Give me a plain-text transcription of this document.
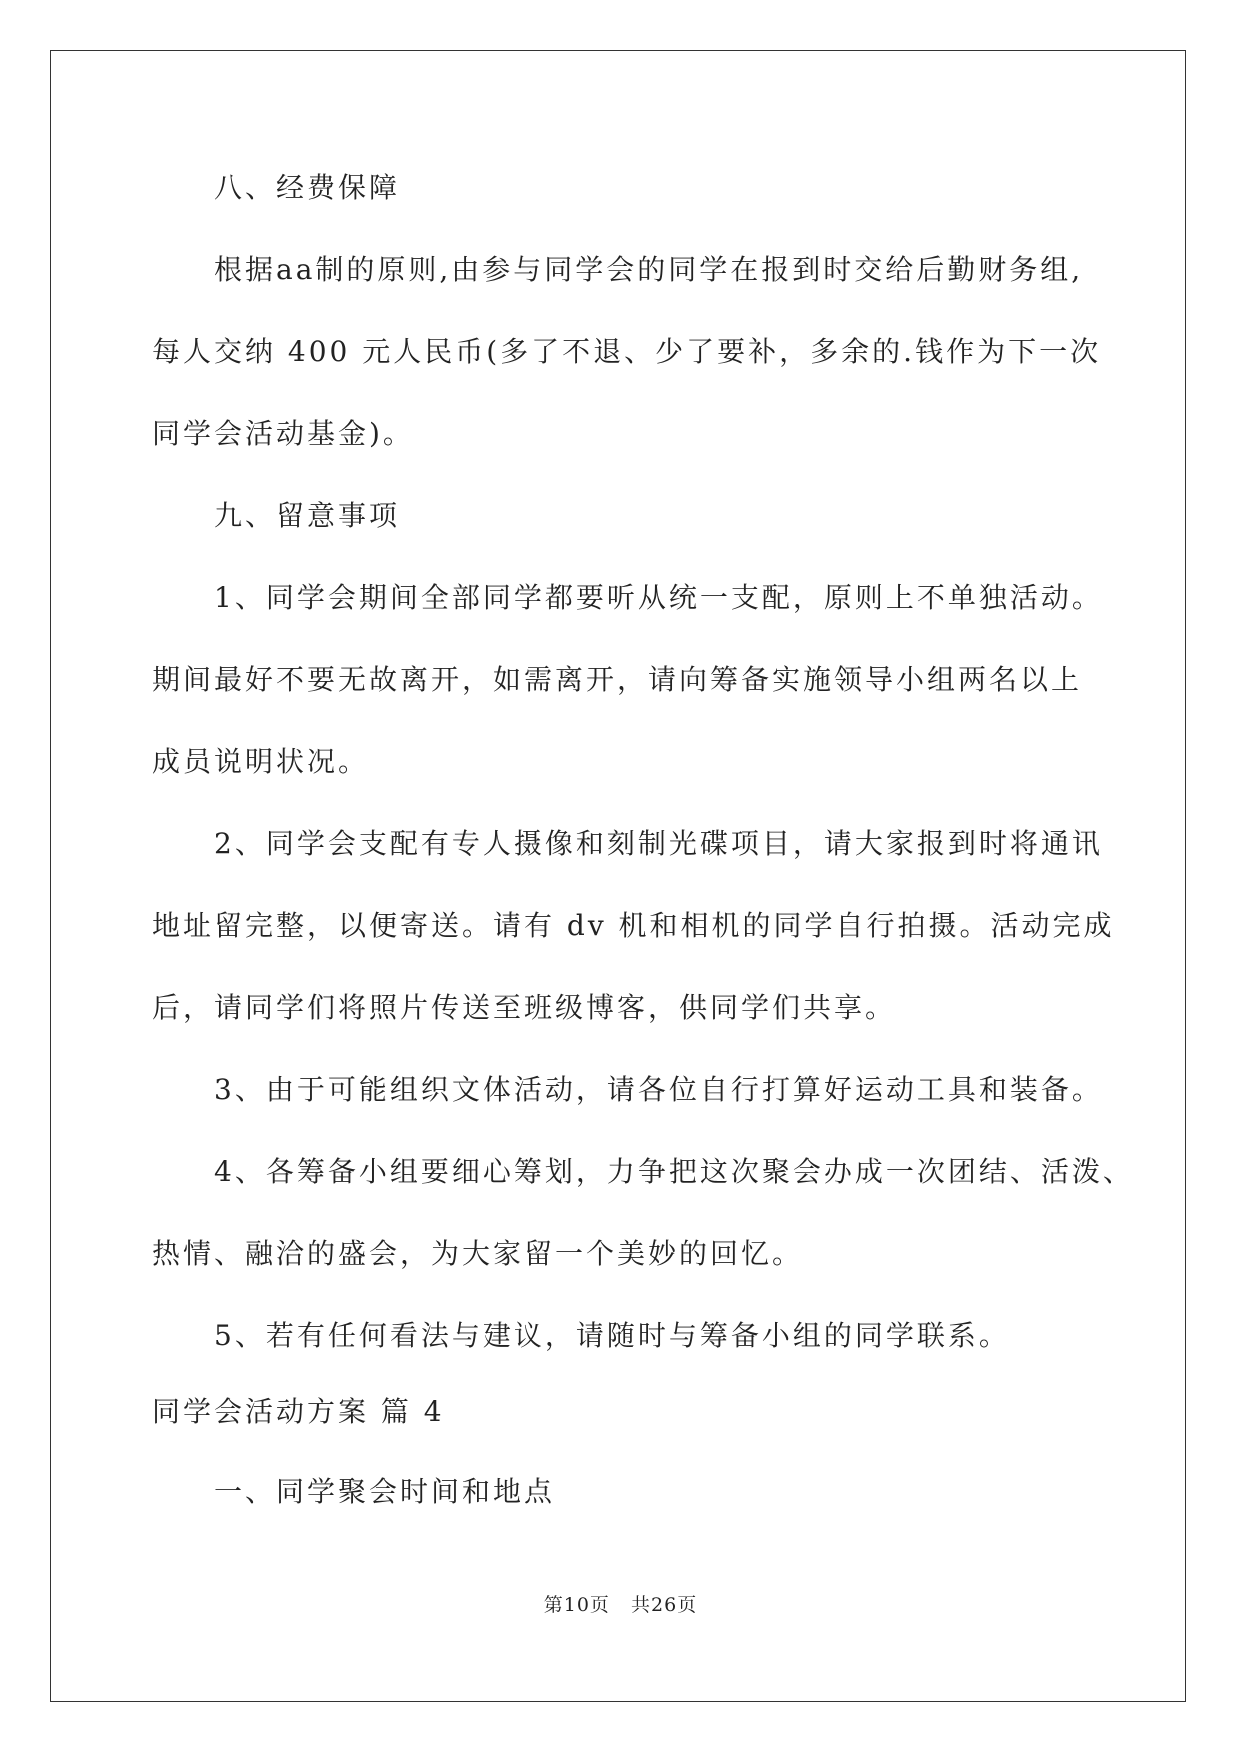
八、经费保障
根据aa制的原则,由参与同学会的同学在报到时交给后勤财务组,
每人交纳 400 元人民币(多了不退、少了要补，多余的.钱作为下一次
同学会活动基金)。
九、留意事项
1、同学会期间全部同学都要听从统一支配，原则上不单独活动。
期间最好不要无故离开，如需离开，请向筹备实施领导小组两名以上
成员说明状况。
2、同学会支配有专人摄像和刻制光碟项目，请大家报到时将通讯
地址留完整，以便寄送。请有 dv 机和相机的同学自行拍摄。活动完成
后，请同学们将照片传送至班级博客，供同学们共享。
3、由于可能组织文体活动，请各位自行打算好运动工具和装备。
4、各筹备小组要细心筹划，力争把这次聚会办成一次团结、活泼、
热情、融洽的盛会，为大家留一个美妙的回忆。
5、若有任何看法与建议，请随时与筹备小组的同学联系。
同学会活动方案 篇 4
一、同学聚会时间和地点
第10页   共26页
